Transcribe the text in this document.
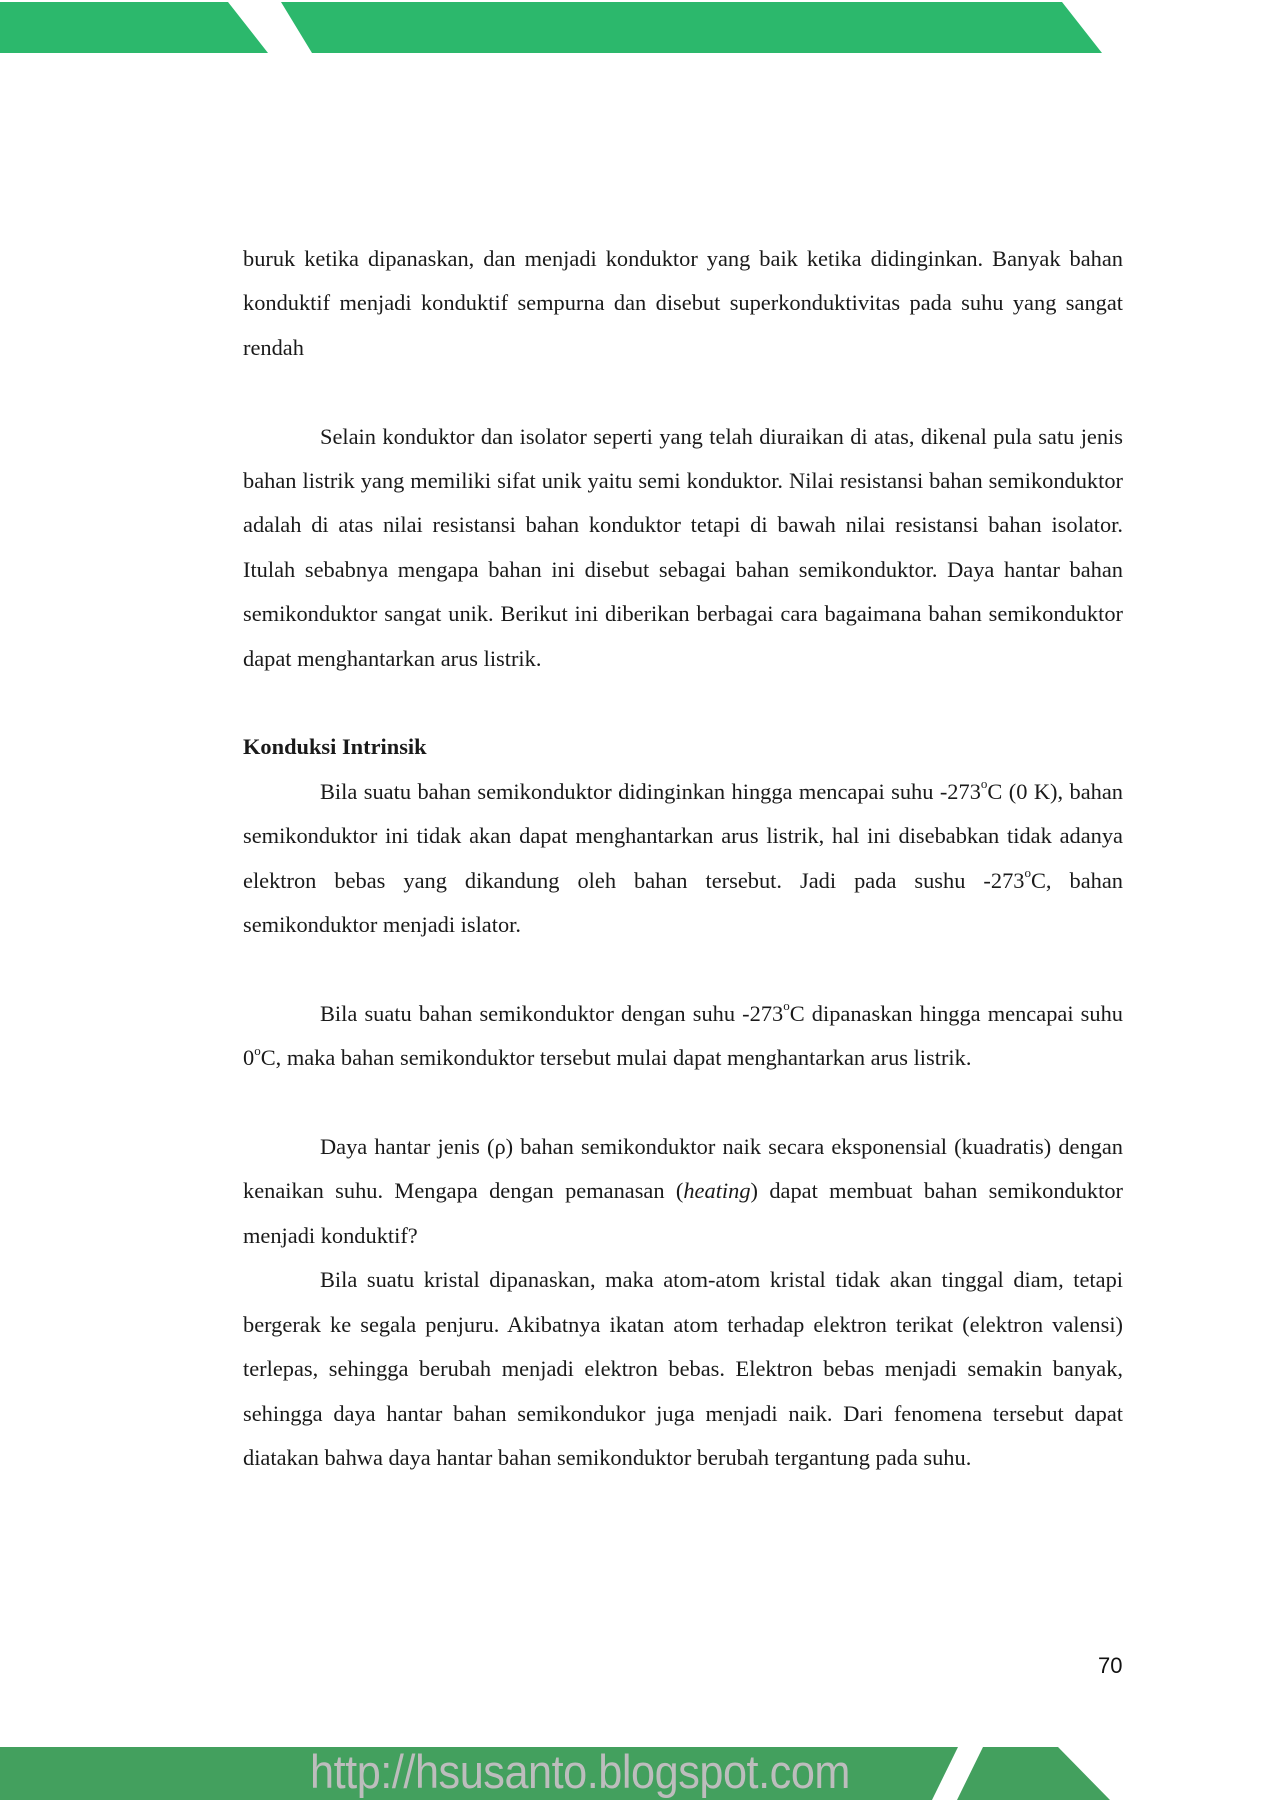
buruk ketika dipanaskan, dan menjadi konduktor yang baik ketika didinginkan. Banyak bahan konduktif menjadi konduktif sempurna dan disebut superkonduktivitas pada suhu yang sangat rendah

Selain konduktor dan isolator seperti yang telah diuraikan di atas, dikenal pula satu jenis bahan listrik yang memiliki sifat unik yaitu semi konduktor. Nilai resistansi bahan semikonduktor adalah di atas nilai resistansi bahan konduktor tetapi di bawah nilai resistansi bahan isolator. Itulah sebabnya mengapa bahan ini disebut sebagai bahan semikonduktor. Daya hantar bahan semikonduktor sangat unik. Berikut ini diberikan berbagai cara bagaimana bahan semikonduktor dapat menghantarkan arus listrik.

Konduksi Intrinsik

Bila suatu bahan semikonduktor didinginkan hingga mencapai suhu -273$^o$C (0 K), bahan semikonduktor ini tidak akan dapat menghantarkan arus listrik, hal ini disebabkan tidak adanya elektron bebas yang dikandung oleh bahan tersebut. Jadi pada sushu -273$^o$C, bahan semikonduktor menjadi islator.

Bila suatu bahan semikonduktor dengan suhu -273$^o$C dipanaskan hingga mencapai suhu 0$^o$C, maka bahan semikonduktor tersebut mulai dapat menghantarkan arus listrik.

Daya hantar jenis (ρ) bahan semikonduktor naik secara eksponensial (kuadratis) dengan kenaikan suhu. Mengapa dengan pemanasan (heating) dapat membuat bahan semikonduktor menjadi konduktif?

Bila suatu kristal dipanaskan, maka atom-atom kristal tidak akan tinggal diam, tetapi bergerak ke segala penjuru. Akibatnya ikatan atom terhadap elektron terikat (elektron valensi) terlepas, sehingga berubah menjadi elektron bebas. Elektron bebas menjadi semakin banyak, sehingga daya hantar bahan semikondukor juga menjadi naik. Dari fenomena tersebut dapat diatakan bahwa daya hantar bahan semikonduktor berubah tergantung pada suhu.

70
http://hsusanto.blogspot.com
